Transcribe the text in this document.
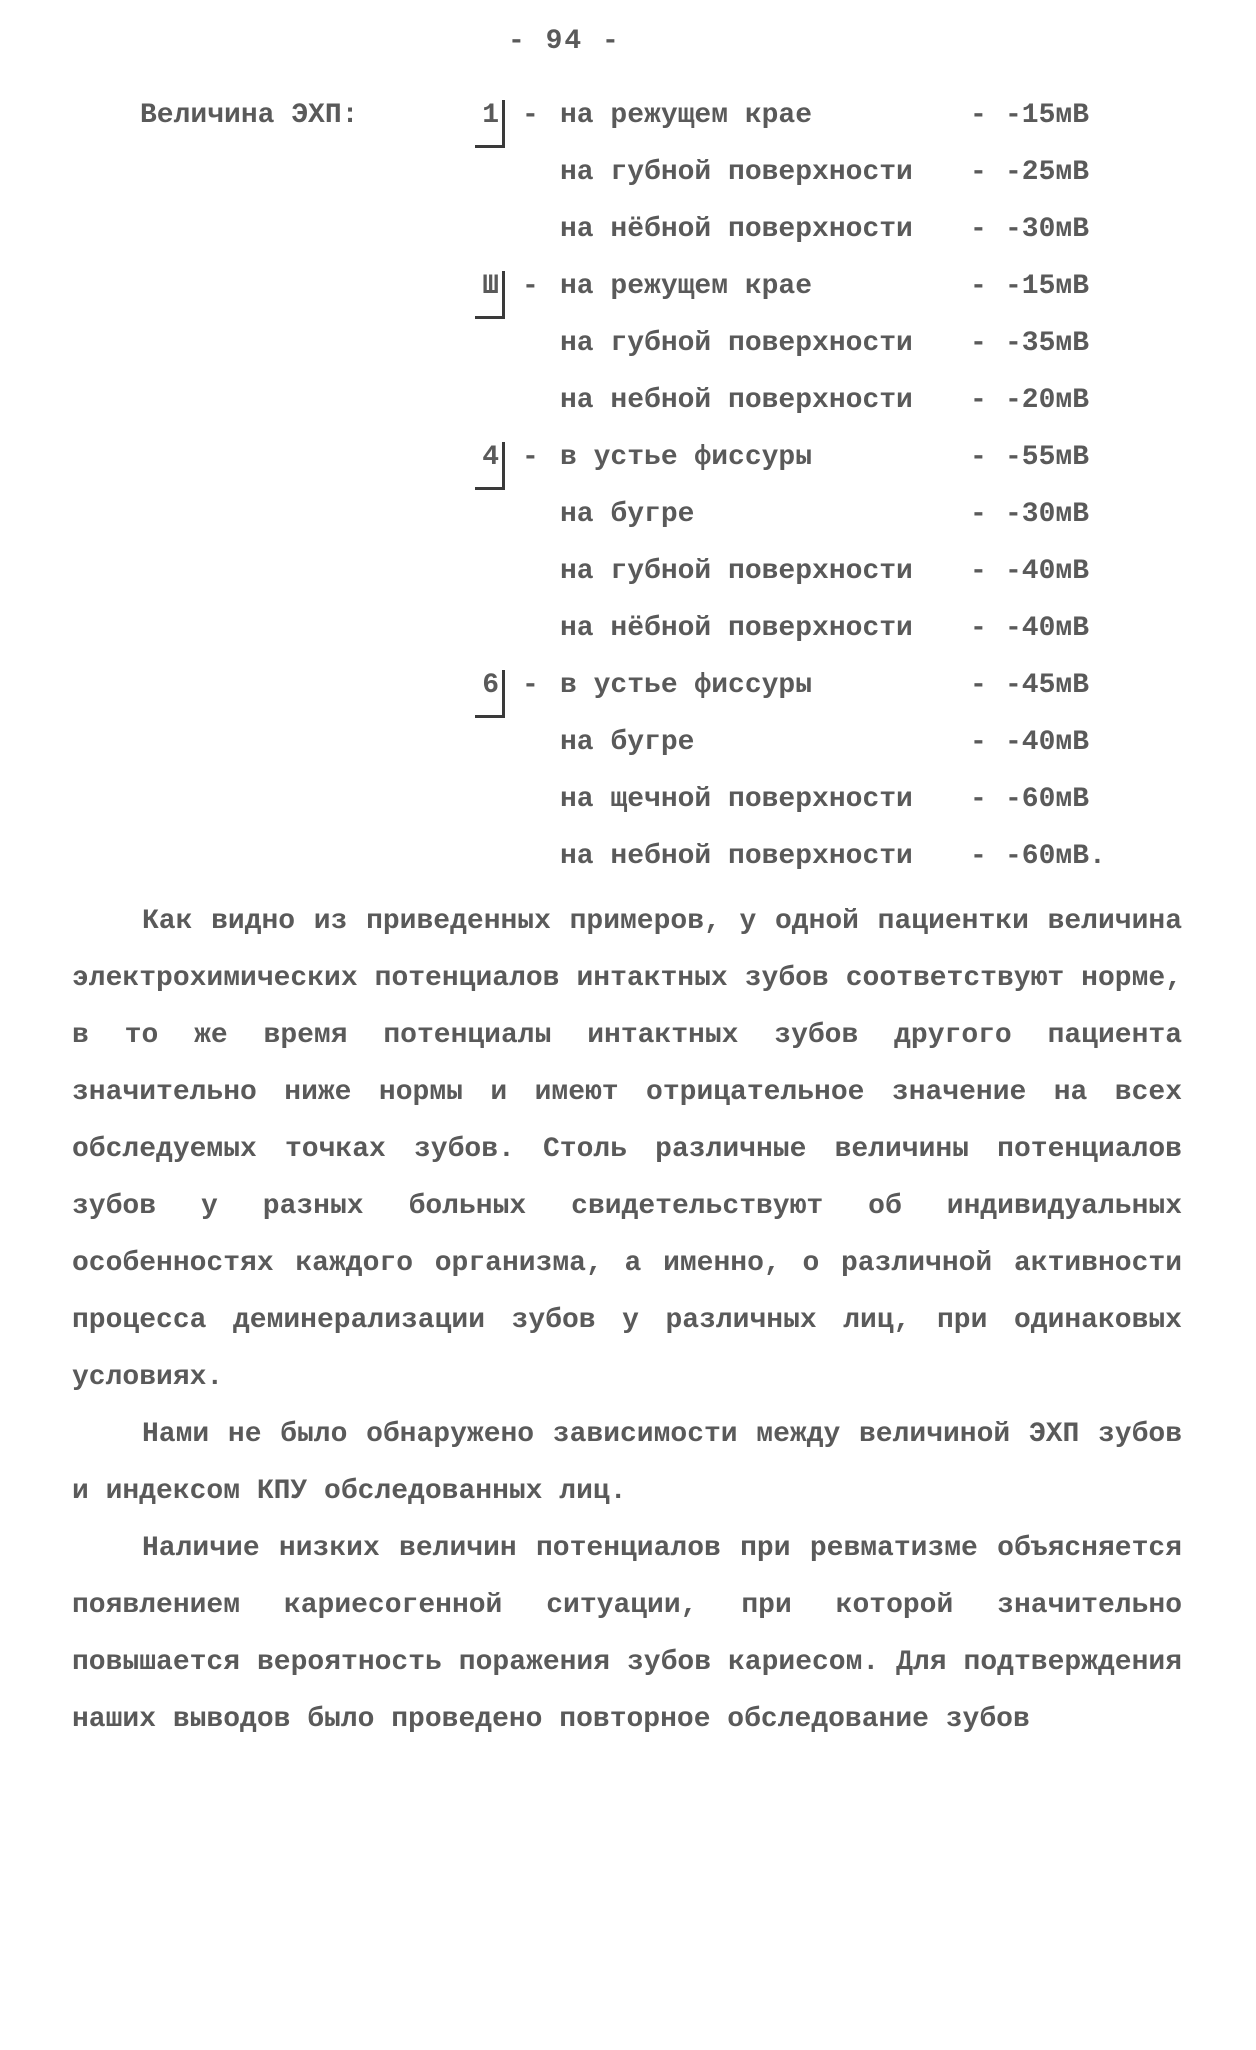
- 94 -
Величина ЭХП:	1 - на режущем крае	- -15мВ
на губной поверхности - -25мВ
на нёбной поверхности - -30мВ
Ш - на режущем крае	- -15мВ
на губной поверхности - -35мВ
на небной поверхности - -20мВ
4 - в устье фиссуры	- -55мВ
на бугре	- -30мВ
на губной поверхности - -40мВ
на нёбной поверхности - -40мВ
6 - в устье фиссуры	- -45мВ
на бугре	- -40мВ
на щечной поверхности - -60мВ
на небной поверхности - -60мВ.

Как видно из приведенных примеров, у одной пациентки величина электрохимических потенциалов интактных зубов соответствуют норме, в то же время потенциалы интактных зубов другого пациента значительно ниже нормы и имеют отрицательное значение на всех обследуемых точках зубов. Столь различные величины потенциалов зубов у разных больных свидетельствуют об индивидуальных особенностях каждого организма, а именно, о различной активности процесса деминерализации зубов у различных лиц, при одинаковых условиях.

Нами не было обнаружено зависимости между величиной ЭХП зубов и индексом КПУ обследованных лиц.

Наличие низких величин потенциалов при ревматизме объясняется появлением кариесогенной ситуации, при которой значительно повышается вероятность поражения зубов кариесом. Для подтверждения наших выводов было проведено повторное обследование зубов
